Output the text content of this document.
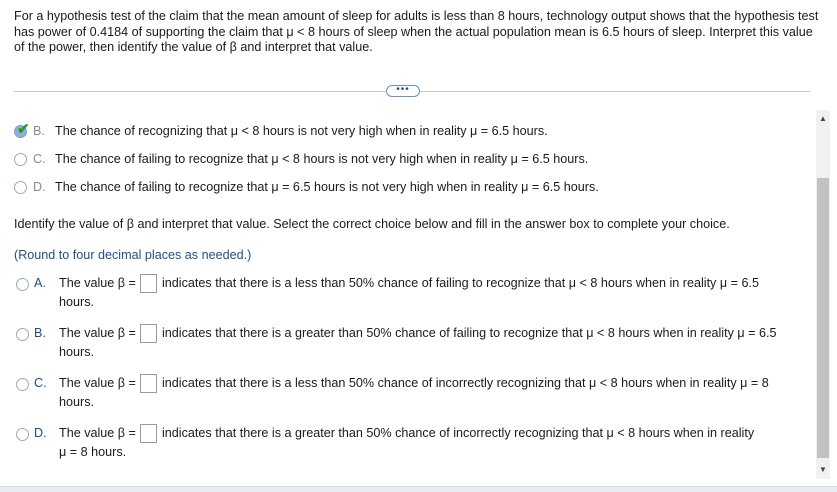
For a hypothesis test of the claim that the mean amount of sleep for adults is less than 8 hours, technology output shows that the hypothesis test has power of 0.4184 of supporting the claim that μ < 8 hours of sleep when the actual population mean is 6.5 hours of sleep. Interpret this value of the power, then identify the value of β and interpret that value.
•••
✔ B. The chance of recognizing that μ < 8 hours is not very high when in reality μ = 6.5 hours.
C. The chance of failing to recognize that μ < 8 hours is not very high when in reality μ = 6.5 hours.
D. The chance of failing to recognize that μ = 6.5 hours is not very high when in reality μ = 6.5 hours.
Identify the value of β and interpret that value. Select the correct choice below and fill in the answer box to complete your choice.
(Round to four decimal places as needed.)
A. The value β = indicates that there is a less than 50% chance of failing to recognize that μ < 8 hours when in reality μ = 6.5
hours.
B. The value β = indicates that there is a greater than 50% chance of failing to recognize that μ < 8 hours when in reality μ = 6.5
hours.
C. The value β = indicates that there is a less than 50% chance of incorrectly recognizing that μ < 8 hours when in reality μ = 8
hours.
D. The value β = indicates that there is a greater than 50% chance of incorrectly recognizing that μ < 8 hours when in reality
μ = 8 hours.
▲
▼
